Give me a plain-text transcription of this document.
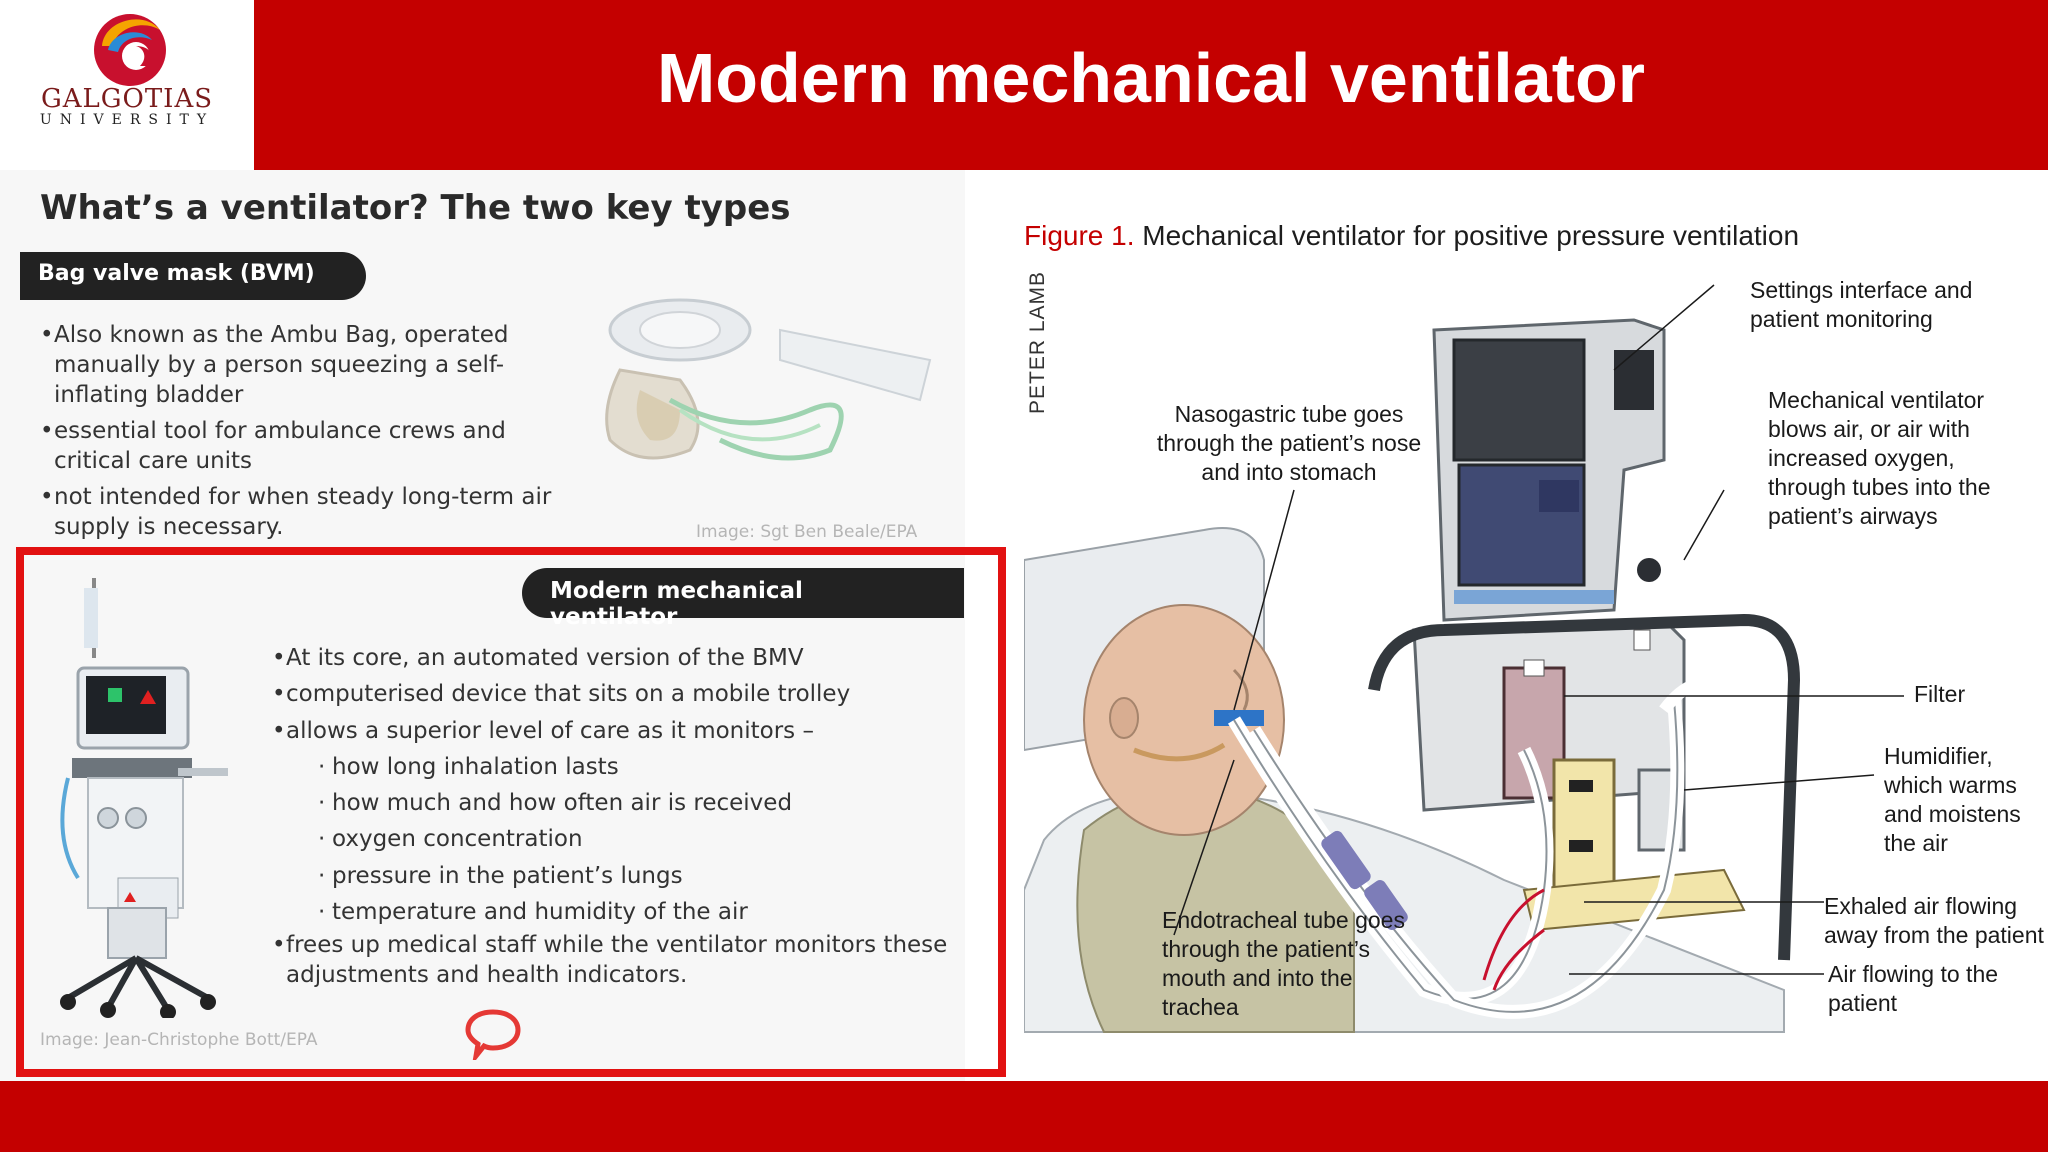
GALGOTIAS
UNIVERSITY
Modern mechanical ventilator
What’s a ventilator? The two key types
Bag valve mask (BVM)
• Also known as the Ambu Bag, operated manually by a person squeezing a self-inflating bladder
• essential tool for ambulance crews and critical care units
• not intended for when steady long-term air supply is necessary.	Image: Sgt Ben Beale/EPA
Modern mechanical ventilator
• At its core, an automated version of the BMV
• computerised device that sits on a mobile trolley
• allows a superior level of care as it monitors –
· how long inhalation lasts
· how much and how often air is received
· oxygen concentration
· pressure in the patient’s lungs
· temperature and humidity of the air
• frees up medical staff while the ventilator monitors these adjustments and health indicators.
Image: Jean-Christophe Bott/EPA
Figure 1. Mechanical ventilator for positive pressure ventilation
PETER LAMB	Settings interface and patient monitoring
Mechanical ventilator blows air, or air with increased oxygen, through tubes into the patient’s airways
Nasogastric tube goes through the patient’s nose and into stomach
Filter
Humidifier, which warms and moistens the air
Endotracheal tube goes through the patient’s mouth and into the trachea
Exhaled air flowing away from the patient
Air flowing to the patient
